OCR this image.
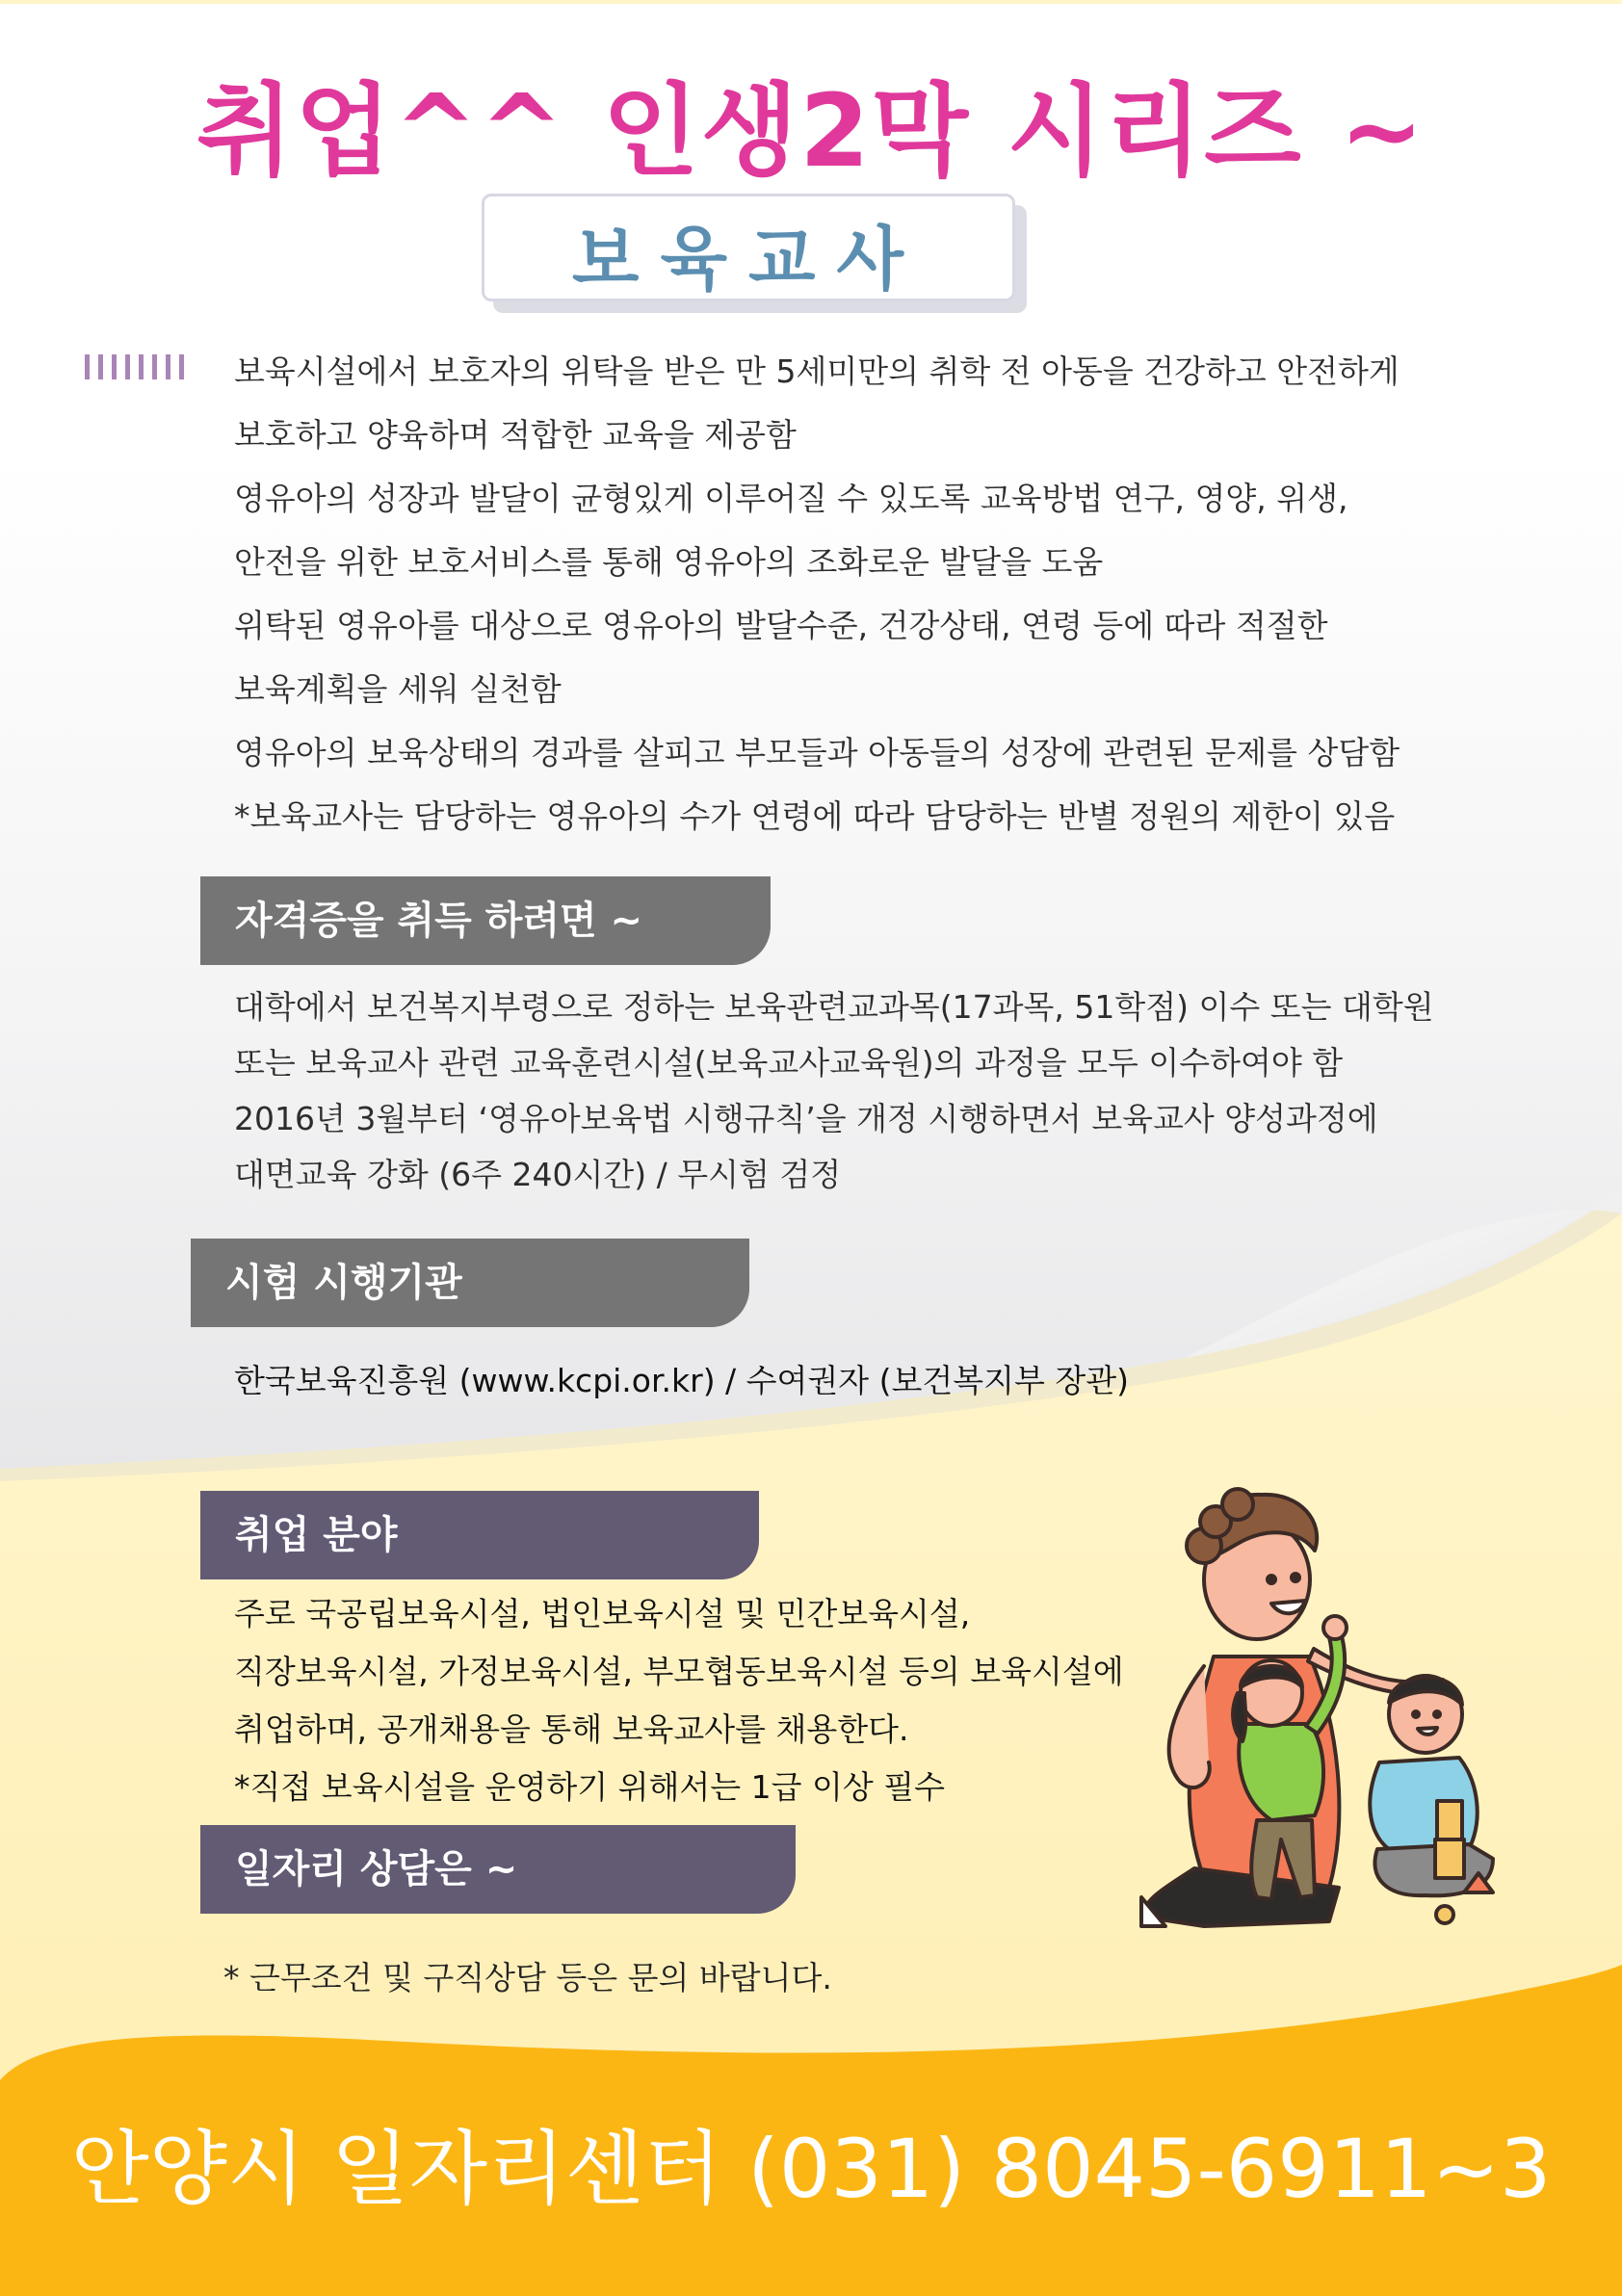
취업^^ 인생2막 시리즈 ~
보육교사
보육시설에서 보호자의 위탁을 받은 만 5세미만의 취학 전 아동을 건강하고 안전하게
보호하고 양육하며 적합한 교육을 제공함
영유아의 성장과 발달이 균형있게 이루어질 수 있도록 교육방법 연구, 영양, 위생,
안전을 위한 보호서비스를 통해 영유아의 조화로운 발달을 도움
위탁된 영유아를 대상으로 영유아의 발달수준, 건강상태, 연령 등에 따라 적절한
보육계획을 세워 실천함
영유아의 보육상태의 경과를 살피고 부모들과 아동들의 성장에 관련된 문제를 상담함
*보육교사는 담당하는 영유아의 수가 연령에 따라 담당하는 반별 정원의 제한이 있음
자격증을 취득 하려면 ~
대학에서 보건복지부령으로 정하는 보육관련교과목(17과목, 51학점) 이수 또는 대학원
또는 보육교사 관련 교육훈련시설(보육교사교육원)의 과정을 모두 이수하여야 함
2016년 3월부터 ‘영유아보육법 시행규칙’을 개정 시행하면서 보육교사 양성과정에
대면교육 강화 (6주 240시간) / 무시험 검정
시험 시행기관
한국보육진흥원 (www.kcpi.or.kr) / 수여권자 (보건복지부 장관)
취업 분야
주로 국공립보육시설, 법인보육시설 및 민간보육시설,
직장보육시설, 가정보육시설, 부모협동보육시설 등의 보육시설에
취업하며, 공개채용을 통해 보육교사를 채용한다.
*직접 보육시설을 운영하기 위해서는 1급 이상 필수
일자리 상담은 ~
* 근무조건 및 구직상담 등은 문의 바랍니다.
안양시 일자리센터 (031) 8045-6911~3
